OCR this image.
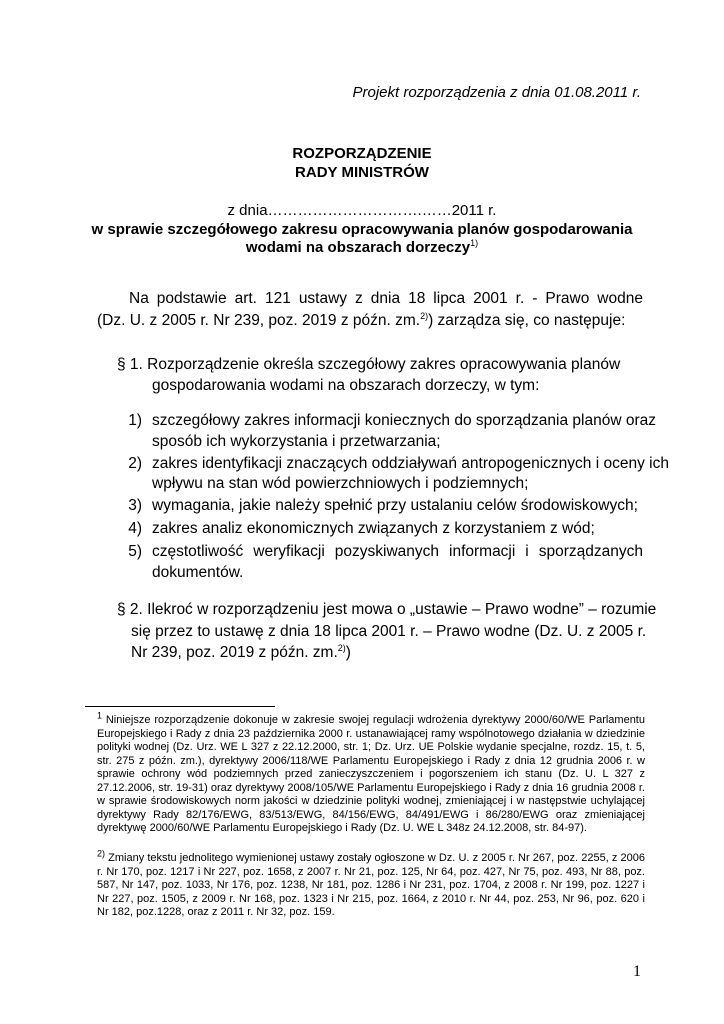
Projekt rozporządzenia z dnia 01.08.2011 r.
ROZPORZĄDZENIE
RADY MINISTRÓW
z dnia………………………….……2011 r.
w sprawie szczegółowego zakresu opracowywania planów gospodarowania
wodami na obszarach dorzeczy$^{1)}$
Na podstawie art. 121 ustawy z dnia 18 lipca 2001 r. - Prawo wodne
(Dz. U. z 2005 r. Nr 239, poz. 2019 z późn. zm.$^{2)}$) zarządza się, co następuje:
§ 1. Rozporządzenie określa szczegółowy zakres opracowywania planów
gospodarowania wodami na obszarach dorzeczy, w tym:
1) szczegółowy zakres informacji koniecznych do sporządzania planów oraz
sposób ich wykorzystania i przetwarzania;
2) zakres identyfikacji znaczących oddziaływań antropogenicznych i oceny ich
wpływu na stan wód powierzchniowych i podziemnych;
3) wymagania, jakie należy spełnić przy ustalaniu celów środowiskowych;
4) zakres analiz ekonomicznych związanych z korzystaniem z wód;
5) częstotliwość weryfikacji pozyskiwanych informacji i sporządzanych
dokumentów.
§ 2. Ilekroć w rozporządzeniu jest mowa o „ustawie – Prawo wodne” – rozumie
się przez to ustawę z dnia 18 lipca 2001 r. – Prawo wodne (Dz. U. z 2005 r.
Nr 239, poz. 2019 z późn. zm.$^{2)}$)
$^1$ Niniejsze rozporządzenie dokonuje w zakresie swojej regulacji wdrożenia dyrektywy 2000/60/WE Parlamentu Europejskiego i Rady z dnia 23 października 2000 r. ustanawiającej ramy wspólnotowego działania w dziedzinie polityki wodnej (Dz. Urz. WE L 327 z 22.12.2000, str. 1; Dz. Urz. UE Polskie wydanie specjalne, rozdz. 15, t. 5, str. 275 z późn. zm.), dyrektywy 2006/118/WE Parlamentu Europejskiego i Rady z dnia 12 grudnia 2006 r. w sprawie ochrony wód podziemnych przed zanieczyszczeniem i pogorszeniem ich stanu (Dz. U. L 327 z 27.12.2006, str. 19-31) oraz dyrektywy 2008/105/WE Parlamentu Europejskiego i Rady z dnia 16 grudnia 2008 r. w sprawie środowiskowych norm jakości w dziedzinie polityki wodnej, zmieniającej i w następstwie uchylającej dyrektywy Rady 82/176/EWG, 83/513/EWG, 84/156/EWG, 84/491/EWG i 86/280/EWG oraz zmieniającej dyrektywę 2000/60/WE Parlamentu Europejskiego i Rady (Dz. U. WE L 348z 24.12.2008, str. 84-97).
$^{2)}$ Zmiany tekstu jednolitego wymienionej ustawy zostały ogłoszone w Dz. U. z 2005 r. Nr 267, poz. 2255, z 2006 r. Nr 170, poz. 1217 i Nr 227, poz. 1658, z 2007 r. Nr 21, poz. 125, Nr 64, poz. 427, Nr 75, poz. 493, Nr 88, poz. 587, Nr 147, poz. 1033, Nr 176, poz. 1238, Nr 181, poz. 1286 i Nr 231, poz. 1704, z 2008 r. Nr 199, poz. 1227 i Nr 227, poz. 1505, z 2009 r. Nr 168, poz. 1323 i Nr 215, poz. 1664, z 2010 r. Nr 44, poz. 253, Nr 96, poz. 620 i Nr 182, poz.1228, oraz z 2011 r. Nr 32, poz. 159.
1
